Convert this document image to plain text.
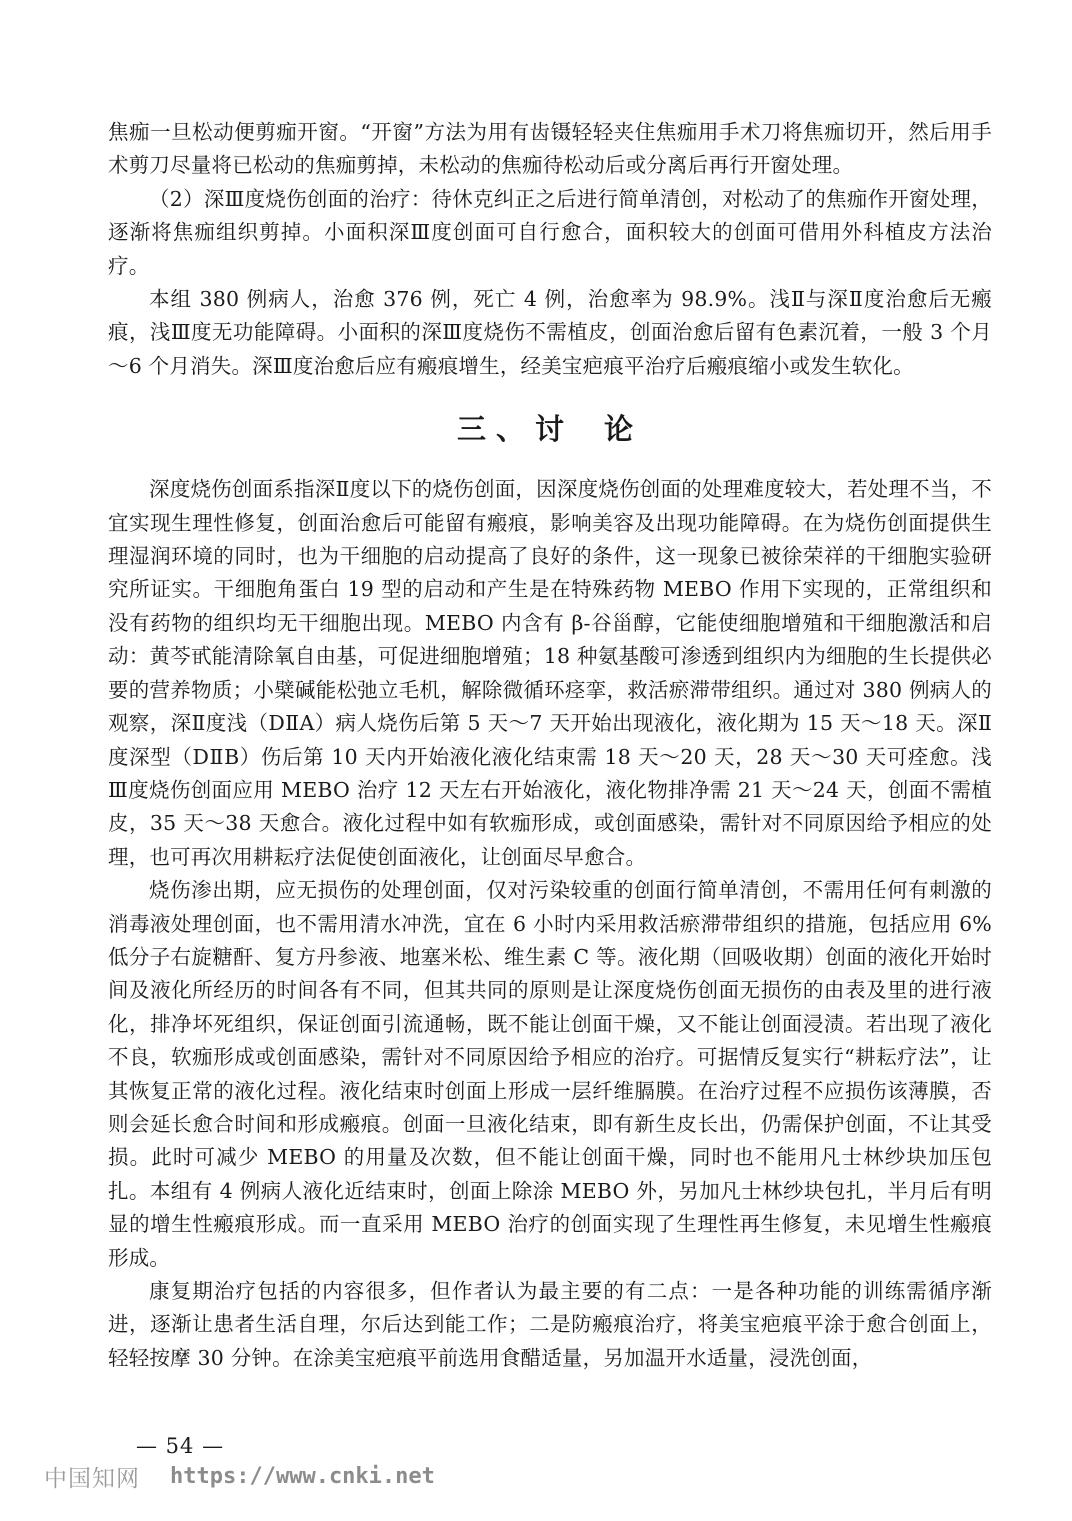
焦痂一旦松动便剪痂开窗。“开窗”方法为用有齿镊轻轻夹住焦痂用手术刀将焦痂切开，然后用手术剪刀尽量将已松动的焦痂剪掉，未松动的焦痂待松动后或分离后再行开窗处理。

（2）深Ⅲ度烧伤创面的治疗：待休克纠正之后进行简单清创，对松动了的焦痂作开窗处理，逐渐将焦痂组织剪掉。小面积深Ⅲ度创面可自行愈合，面积较大的创面可借用外科植皮方法治疗。

本组 380 例病人，治愈 376 例，死亡 4 例，治愈率为 98.9%。浅Ⅱ与深Ⅱ度治愈后无瘢痕，浅Ⅲ度无功能障碍。小面积的深Ⅲ度烧伤不需植皮，创面治愈后留有色素沉着，一般 3 个月～6 个月消失。深Ⅲ度治愈后应有瘢痕增生，经美宝疤痕平治疗后瘢痕缩小或发生软化。

三、讨 论

深度烧伤创面系指深Ⅱ度以下的烧伤创面，因深度烧伤创面的处理难度较大，若处理不当，不宜实现生理性修复，创面治愈后可能留有瘢痕，影响美容及出现功能障碍。在为烧伤创面提供生理湿润环境的同时，也为干细胞的启动提高了良好的条件，这一现象已被徐荣祥的干细胞实验研究所证实。干细胞角蛋白 19 型的启动和产生是在特殊药物 MEBO 作用下实现的，正常组织和没有药物的组织均无干细胞出现。MEBO 内含有 β-谷甾醇，它能使细胞增殖和干细胞激活和启动：黄芩甙能清除氧自由基，可促进细胞增殖；18 种氨基酸可渗透到组织内为细胞的生长提供必要的营养物质；小檗碱能松弛立毛机，解除微循环痉挛，救活瘀滞带组织。通过对 380 例病人的观察，深Ⅱ度浅（DⅡA）病人烧伤后第 5 天～7 天开始出现液化，液化期为 15 天～18 天。深Ⅱ度深型（DⅡB）伤后第 10 天内开始液化液化结束需 18 天～20 天，28 天～30 天可痊愈。浅Ⅲ度烧伤创面应用 MEBO 治疗 12 天左右开始液化，液化物排净需 21 天～24 天，创面不需植皮，35 天～38 天愈合。液化过程中如有软痂形成，或创面感染，需针对不同原因给予相应的处理，也可再次用耕耘疗法促使创面液化，让创面尽早愈合。

烧伤渗出期，应无损伤的处理创面，仅对污染较重的创面行简单清创，不需用任何有刺激的消毒液处理创面，也不需用清水冲洗，宜在 6 小时内采用救活瘀滞带组织的措施，包括应用 6%低分子右旋糖酐、复方丹参液、地塞米松、维生素 C 等。液化期（回吸收期）创面的液化开始时间及液化所经历的时间各有不同，但其共同的原则是让深度烧伤创面无损伤的由表及里的进行液化，排净坏死组织，保证创面引流通畅，既不能让创面干燥，又不能让创面浸渍。若出现了液化不良，软痂形成或创面感染，需针对不同原因给予相应的治疗。可据情反复实行“耕耘疗法”，让其恢复正常的液化过程。液化结束时创面上形成一层纤维膈膜。在治疗过程不应损伤该薄膜，否则会延长愈合时间和形成瘢痕。创面一旦液化结束，即有新生皮长出，仍需保护创面，不让其受损。此时可减少 MEBO 的用量及次数，但不能让创面干燥，同时也不能用凡士林纱块加压包扎。本组有 4 例病人液化近结束时，创面上除涂 MEBO 外，另加凡士林纱块包扎，半月后有明显的增生性瘢痕形成。而一直采用 MEBO 治疗的创面实现了生理性再生修复，未见增生性瘢痕形成。

康复期治疗包括的内容很多，但作者认为最主要的有二点：一是各种功能的训练需循序渐进，逐渐让患者生活自理，尔后达到能工作；二是防瘢痕治疗，将美宝疤痕平涂于愈合创面上，轻轻按摩 30 分钟。在涂美宝疤痕平前选用食醋适量，另加温开水适量，浸洗创面，

— 54 —
中国知网 https://www.cnki.net
